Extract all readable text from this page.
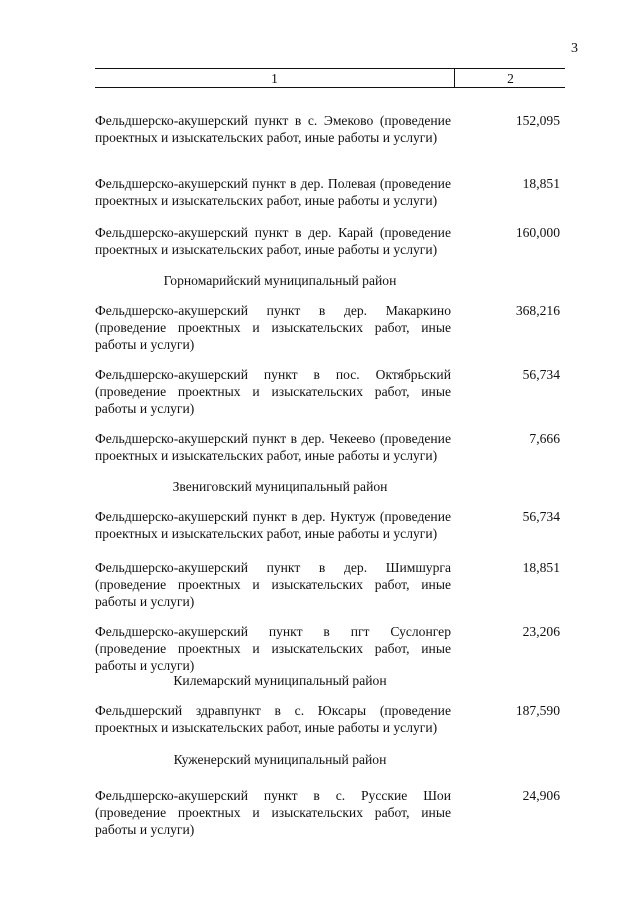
3
1	2
Фельдшерско-акушерский пункт в с. Эмеково (проведение проектных и изыскательских работ, иные работы и услуги)
152,095
Фельдшерско-акушерский пункт в дер. Полевая (проведение проектных и изыскательских работ, иные работы и услуги)
18,851
Фельдшерско-акушерский пункт в дер. Карай (проведение проектных и изыскательских работ, иные работы и услуги)
160,000
Горномарийский муниципальный район
Фельдшерско-акушерский пункт в дер. Макаркино (проведение проектных и изыскательских работ, иные работы и услуги)
368,216
Фельдшерско-акушерский пункт в пос. Октябрьский (проведение проектных и изыскательских работ, иные работы и услуги)
56,734
Фельдшерско-акушерский пункт в дер. Чекеево (проведение проектных и изыскательских работ, иные работы и услуги)
7,666
Звениговский муниципальный район
Фельдшерско-акушерский пункт в дер. Нуктуж (проведение проектных и изыскательских работ, иные работы и услуги)
56,734
Фельдшерско-акушерский пункт в дер. Шимшурга (проведение проектных и изыскательских работ, иные работы и услуги)
18,851
Фельдшерско-акушерский пункт в пгт Суслонгер (проведение проектных и изыскательских работ, иные работы и услуги)
23,206
Килемарский муниципальный район
Фельдшерский здравпункт в с. Юксары (проведение проектных и изыскательских работ, иные работы и услуги)
187,590
Куженерский муниципальный район
Фельдшерско-акушерский пункт в с. Русские Шои (проведение проектных и изыскательских работ, иные работы и услуги)
24,906
